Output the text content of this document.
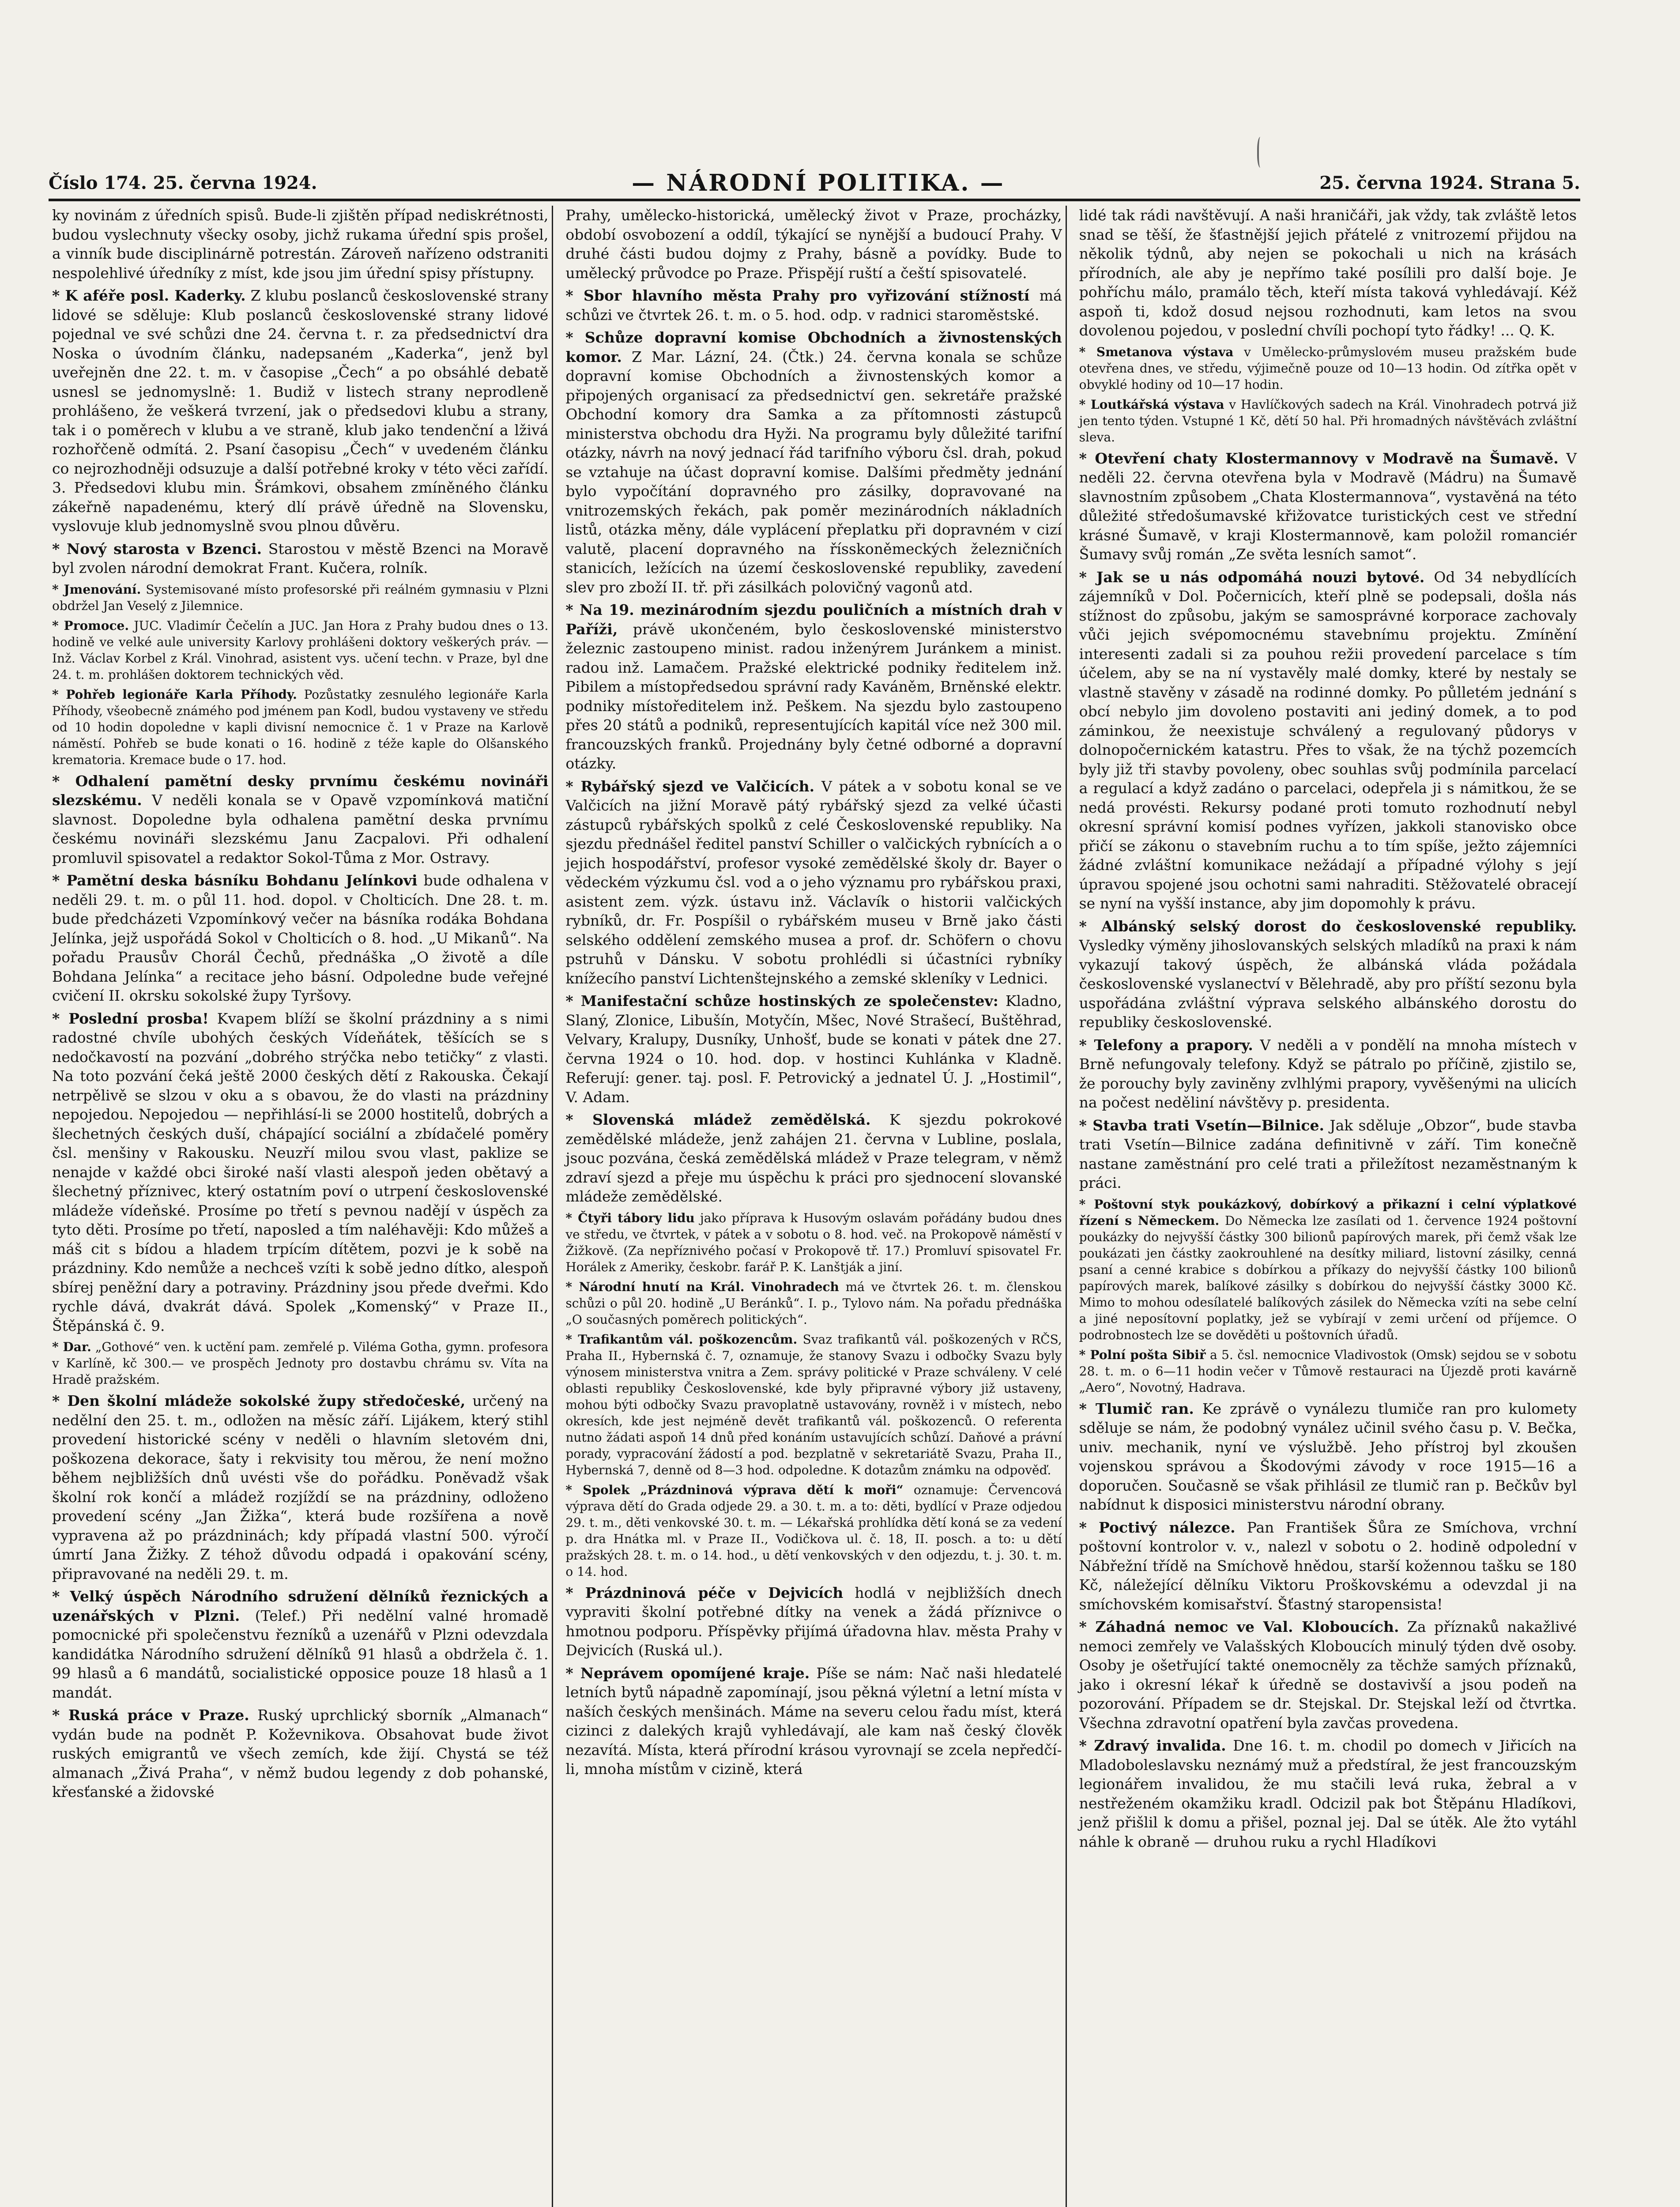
Číslo 174. 25. června 1924.	— NÁRODNÍ POLITIKA. —	25. června 1924. Strana 5.

ky novinám z úředních spisů. Bude-li zjištěn případ nediskrétnosti, budou vyslechnuty všecky osoby, jichž rukama úřední spis prošel, a vinník bude disciplinárně potrestán. Zároveň nařízeno odstraniti nespolehlivé úředníky z míst, kde jsou jim úřední spisy přístupny.

* K aféře posl. Kaderky. Z klubu poslanců československé strany lidové se sděluje: Klub poslanců československé strany lidové pojednal ve své schůzi dne 24. června t. r. za předsednictví dra Noska o úvodním článku, nadepsaném „Kaderka“, jenž byl uveřejněn dne 22. t. m. v časopise „Čech“ a po obsáhlé debatě usnesl se jednomyslně: 1. Budiž v listech strany neprodleně prohlášeno, že veškerá tvrzení, jak o předsedovi klubu a strany, tak i o poměrech v klubu a ve straně, klub jako tendenční a lživá rozhořčeně odmítá. 2. Psaní časopisu „Čech“ v uvedeném článku co nejrozhodněji odsuzuje a další potřebné kroky v této věci zařídí. 3. Předsedovi klubu min. Šrámkovi, obsahem zmíněného článku zákeřně napadenému, který dlí právě úředně na Slovensku, vyslovuje klub jednomyslně svou plnou důvěru.

* Nový starosta v Bzenci. Starostou v městě Bzenci na Moravě byl zvolen národní demokrat Frant. Kučera, rolník.

* Jmenování. Systemisované místo profesorské při reálném gymnasiu v Plzni obdržel Jan Veselý z Jilemnice.

* Promoce. JUC. Vladimír Čečelín a JUC. Jan Hora z Prahy budou dnes o 13. hodině ve velké aule university Karlovy prohlášeni doktory veškerých práv. — Inž. Václav Korbel z Král. Vinohrad, asistent vys. učení techn. v Praze, byl dne 24. t. m. prohlášen doktorem technických věd.

* Pohřeb legionáře Karla Příhody. Pozůstatky zesnulého legionáře Karla Příhody, všeobecně známého pod jménem pan Kodl, budou vystaveny ve středu od 10 hodin dopoledne v kapli divisní nemocnice č. 1 v Praze na Karlově náměstí. Pohřeb se bude konati o 16. hodině z téže kaple do Olšanského krematoria. Kremace bude o 17. hod.

* Odhalení pamětní desky prvnímu českému novináři slezskému. V neděli konala se v Opavě vzpomínková matiční slavnost. Dopoledne byla odhalena pamětní deska prvnímu českému novináři slezskému Janu Zacpalovi. Při odhalení promluvil spisovatel a redaktor Sokol-Tůma z Mor. Ostravy.

* Pamětní deska básníku Bohdanu Jelínkovi bude odhalena v neděli 29. t. m. o půl 11. hod. dopol. v Cholticích. Dne 28. t. m. bude předcházeti Vzpomínkový večer na básníka rodáka Bohdana Jelínka, jejž uspořádá Sokol v Cholticích o 8. hod. „U Mikanů“. Na pořadu Prausův Chorál Čechů, přednáška „O životě a díle Bohdana Jelínka“ a recitace jeho básní. Odpoledne bude veřejné cvičení II. okrsku sokolské župy Tyršovy.

* Poslední prosba! Kvapem blíží se školní prázdniny a s nimi radostné chvíle ubohých českých Vídeňátek, těšících se s nedočkavostí na pozvání „dobrého strýčka nebo tetičky“ z vlasti. Na toto pozvání čeká ještě 2000 českých dětí z Rakouska. Čekají netrpělivě se slzou v oku a s obavou, že do vlasti na prázdniny nepojedou. Nepojedou — nepřihlásí-li se 2000 hostitelů, dobrých a šlechetných českých duší, chápající sociální a zbídačelé poměry čsl. menšiny v Rakousku. Neuzří milou svou vlast, paklize se nenajde v každé obci široké naší vlasti alespoň jeden obětavý a šlechetný příznivec, který ostatním poví o utrpení československé mládeže vídeňské. Prosíme po třetí s pevnou nadějí v úspěch za tyto děti. Prosíme po třetí, naposled a tím naléhavěji: Kdo můžeš a máš cit s bídou a hladem trpícím dítětem, pozvi je k sobě na prázdniny. Kdo nemůže a nechceš vzíti k sobě jedno dítko, alespoň sbírej peněžní dary a potraviny. Prázdniny jsou přede dveřmi. Kdo rychle dává, dvakrát dává. Spolek „Komenský“ v Praze II., Štěpánská č. 9.

* Dar. „Gothové“ ven. k uctění pam. zemřelé p. Viléma Gotha, gymn. profesora v Karlíně, kč 300.— ve prospěch Jednoty pro dostavbu chrámu sv. Víta na Hradě pražském.

* Den školní mládeže sokolské župy středočeské, určený na nedělní den 25. t. m., odložen na měsíc září. Lijákem, který stihl provedení historické scény v neděli o hlavním sletovém dni, poškozena dekorace, šaty i rekvisity tou měrou, že není možno během nejbližších dnů uvésti vše do pořádku. Poněvadž však školní rok končí a mládež rozjíždí se na prázdniny, odloženo provedení scény „Jan Žižka“, která bude rozšířena a nově vypravena až po prázdninách; kdy případá vlastní 500. výročí úmrtí Jana Žižky. Z téhož důvodu odpadá i opakování scény, připravované na neděli 29. t. m.

* Velký úspěch Národního sdružení dělníků řeznických a uzenářských v Plzni. (Telef.) Při nedělní valné hromadě pomocnické při společenstvu řezníků a uzenářů v Plzni odevzdala kandidátka Národního sdružení dělníků 91 hlasů a obdržela č. 1. 99 hlasů a 6 mandátů, socialistické opposice pouze 18 hlasů a 1 mandát.

* Ruská práce v Praze. Ruský uprchlický sborník „Almanach“ vydán bude na podnět P. Koževnikova. Obsahovat bude život ruských emigrantů ve všech zemích, kde žijí. Chystá se též almanach „Živá Praha“, v němž budou legendy z dob pohanské, křesťanské a židovské

Prahy, umělecko-historická, umělecký život v Praze, procházky, období osvobození a oddíl, týkající se nynější a budoucí Prahy. V druhé části budou dojmy z Prahy, básně a povídky. Bude to umělecký průvodce po Praze. Přispějí ruští a čeští spisovatelé.

* Sbor hlavního města Prahy pro vyřizování stížností má schůzi ve čtvrtek 26. t. m. o 5. hod. odp. v radnici staroměstské.

* Schůze dopravní komise Obchodních a živnostenských komor. Z Mar. Lázní, 24. (Čtk.) 24. června konala se schůze dopravní komise Obchodních a živnostenských komor a připojených organisací za předsednictví gen. sekretáře pražské Obchodní komory dra Samka a za přítomnosti zástupců ministerstva obchodu dra Hyži. Na programu byly důležité tarifní otázky, návrh na nový jednací řád tarifního výboru čsl. drah, pokud se vztahuje na účast dopravní komise. Dalšími předměty jednání bylo vypočítání dopravného pro zásilky, dopravované na vnitrozemských řekách, pak poměr mezinárodních nákladních listů, otázka měny, dále vyplácení přeplatku při dopravném v cizí valutě, placení dopravného na řísskoněmeckých železničních stanicích, ležících na území československé republiky, zavedení slev pro zboží II. tř. při zásilkách polovičný vagonů atd.

* Na 19. mezinárodním sjezdu pouličních a místních drah v Paříži, právě ukončeném, bylo československé ministerstvo železnic zastoupeno minist. radou inženýrem Juránkem a minist. radou inž. Lamačem. Pražské elektrické podniky ředitelem inž. Pibilem a místopředsedou správní rady Kaváněm, Brněnské elektr. podniky místoředitelem inž. Peškem. Na sjezdu bylo zastoupeno přes 20 států a podniků, representujících kapitál více než 300 mil. francouzských franků. Projednány byly četné odborné a dopravní otázky.

* Rybářský sjezd ve Valčicích. V pátek a v sobotu konal se ve Valčicích na jižní Moravě pátý rybářský sjezd za velké účasti zástupců rybářských spolků z celé Československé republiky. Na sjezdu přednášel ředitel panství Schiller o valčických rybnících a o jejich hospodářství, profesor vysoké zemědělské školy dr. Bayer o vědeckém výzkumu čsl. vod a o jeho významu pro rybářskou praxi, asistent zem. výzk. ústavu inž. Václavík o historii valčických rybníků, dr. Fr. Pospíšil o rybářském museu v Brně jako části selského oddělení zemského musea a prof. dr. Schöfern o chovu pstruhů v Dánsku. V sobotu prohlédli si účastníci rybníky knížecího panství Lichtenštejnského a zemské skleníky v Lednici.

* Manifestační schůze hostinských ze společenstev: Kladno, Slaný, Zlonice, Libušín, Motyčín, Mšec, Nové Strašecí, Buštěhrad, Velvary, Kralupy, Dusníky, Unhošť, bude se konati v pátek dne 27. června 1924 o 10. hod. dop. v hostinci Kuhlánka v Kladně. Referují: gener. taj. posl. F. Petrovický a jednatel Ú. J. „Hostimil“, V. Adam.

* Slovenská mládež zemědělská. K sjezdu pokrokové zemědělské mládeže, jenž zahájen 21. června v Lubline, poslala, jsouc pozvána, česká zemědělská mládež v Praze telegram, v němž zdraví sjezd a přeje mu úspěchu k práci pro sjednocení slovanské mládeže zemědělské.

* Čtyři tábory lidu jako příprava k Husovým oslavám pořádány budou dnes ve středu, ve čtvrtek, v pátek a v sobotu o 8. hod. več. na Prokopově náměstí v Žižkově. (Za nepříznivého počasí v Prokopově tř. 17.) Promluví spisovatel Fr. Horálek z Ameriky, českobr. farář P. K. Lanštják a jiní.

* Národní hnutí na Král. Vinohradech má ve čtvrtek 26. t. m. členskou schůzi o půl 20. hodině „U Beránků“. I. p., Tylovo nám. Na pořadu přednáška „O současných poměrech politických“.

* Trafikantům vál. poškozencům. Svaz trafikantů vál. poškozených v RČS, Praha II., Hybernská č. 7, oznamuje, že stanovy Svazu i odbočky Svazu byly výnosem ministerstva vnitra a Zem. správy politické v Praze schváleny. V celé oblasti republiky Československé, kde byly připravné výbory již ustaveny, mohou býti odbočky Svazu pravoplatně ustavovány, rovněž i v místech, nebo okresích, kde jest nejméně devět trafikantů vál. poškozenců. O referenta nutno žádati aspoň 14 dnů před konáním ustavujících schůzí. Daňové a právní porady, vypracování žádostí a pod. bezplatně v sekretariátě Svazu, Praha II., Hybernská 7, denně od 8—3 hod. odpoledne. K dotazům známku na odpověď.

* Spolek „Prázdninová výprava dětí k moři“ oznamuje: Červencová výprava dětí do Grada odjede 29. a 30. t. m. a to: děti, bydlící v Praze odjedou 29. t. m., děti venkovské 30. t. m. — Lékařská prohlídka dětí koná se za vedení p. dra Hnátka ml. v Praze II., Vodičkova ul. č. 18, II. posch. a to: u dětí pražských 28. t. m. o 14. hod., u dětí venkovských v den odjezdu, t. j. 30. t. m. o 14. hod.

* Prázdninová péče v Dejvicích hodlá v nejbližších dnech vypraviti školní potřebné dítky na venek a žádá příznivce o hmotnou podporu. Příspěvky přijímá úřadovna hlav. města Prahy v Dejvicích (Ruská ul.).

* Neprávem opomíjené kraje. Píše se nám: Nač naši hledatelé letních bytů nápadně zapomínají, jsou pěkná výletní a letní místa v naších českých menšinách. Máme na severu celou řadu míst, která cizinci z dalekých krajů vyhledávají, ale kam naš český člověk nezavítá. Místa, která přírodní krásou vyrovnají se zcela nepředčí-li, mnoha místům v cizině, která

lidé tak rádi navštěvují. A naši hraničáři, jak vždy, tak zvláště letos snad se těší, že šťastnější jejich přátelé z vnitrozemí přijdou na několik týdnů, aby nejen se pokochali u nich na krásách přírodních, ale aby je nepřímo také posílili pro další boje. Je pohříchu málo, pramálo těch, kteří místa taková vyhledávají. Kéž aspoň ti, kdož dosud nejsou rozhodnuti, kam letos na svou dovolenou pojedou, v poslední chvíli pochopí tyto řádky! ... Q. K.

* Smetanova výstava v Umělecko-průmyslovém museu pražském bude otevřena dnes, ve středu, výjimečně pouze od 10—13 hodin. Od zítřka opět v obvyklé hodiny od 10—17 hodin.

* Loutkářská výstava v Havlíčkových sadech na Král. Vinohradech potrvá již jen tento týden. Vstupné 1 Kč, dětí 50 hal. Při hromadných návštěvách zvláštní sleva.

* Otevření chaty Klostermannovy v Modravě na Šumavě. V neděli 22. června otevřena byla v Modravě (Mádru) na Šumavě slavnostním způsobem „Chata Klostermannova“, vystavěná na této důležité středošumavské křižovatce turistických cest ve střední krásné Šumavě, v kraji Klostermannově, kam položil romanciér Šumavy svůj román „Ze světa lesních samot“.

* Jak se u nás odpomáhá nouzi bytové. Od 34 nebydlících zájemníků v Dol. Počernicích, kteří plně se podepsali, došla nás stížnost do způsobu, jakým se samosprávné korporace zachovaly vůči jejich svépomocnému stavebnímu projektu. Zmínění interesenti zadali si za pouhou režii provedení parcelace s tím účelem, aby se na ní vystavěly malé domky, které by nestaly se vlastně stavěny v zásadě na rodinné domky. Po půlletém jednání s obcí nebylo jim dovoleno postaviti ani jediný domek, a to pod záminkou, že neexistuje schválený a regulovaný půdorys v dolnopočernickém katastru. Přes to však, že na týchž pozemcích byly již tři stavby povoleny, obec souhlas svůj podmínila parcelací a regulací a když zadáno o parcelaci, odepřela ji s námitkou, že se nedá provésti. Rekursy podané proti tomuto rozhodnutí nebyl okresní správní komisí podnes vyřízen, jakkoli stanovisko obce přičí se zákonu o stavebním ruchu a to tím spíše, ježto zájemníci žádné zvláštní komunikace nežádají a případné výlohy s její úpravou spojené jsou ochotni sami nahraditi. Stěžovatelé obracejí se nyní na vyšší instance, aby jim dopomohly k právu.

* Albánský selský dorost do československé republiky. Vysledky výměny jihoslovanských selských mladíků na praxi k nám vykazují takový úspěch, že albánská vláda požádala československé vyslanectví v Bělehradě, aby pro příští sezonu byla uspořádána zvláštní výprava selského albánského dorostu do republiky československé.

* Telefony a prapory. V neděli a v pondělí na mnoha místech v Brně nefungovaly telefony. Když se pátralo po příčině, zjistilo se, že porouchy byly zaviněny zvlhlými prapory, vyvěšenými na ulicích na počest neděliní návštěvy p. presidenta.

* Stavba trati Vsetín—Bilnice. Jak sděluje „Obzor“, bude stavba trati Vsetín—Bilnice zadána definitivně v září. Tim konečně nastane zaměstnání pro celé trati a přiležítost nezaměstnaným k práci.

* Poštovní styk poukázkový, dobírkový a přikazní i celní výplatkové řízení s Německem. Do Německa lze zasílati od 1. července 1924 poštovní poukázky do nejvyšší částky 300 bilionů papírových marek, při čemž však lze poukázati jen částky zaokrouhlené na desítky miliard, listovní zásilky, cenná psaní a cenné krabice s dobírkou a příkazy do nejvyšší částky 100 bilionů papírových marek, balíkové zásilky s dobírkou do nejvyšší částky 3000 Kč. Mimo to mohou odesílatelé balíkových zásilek do Německa vzíti na sebe celní a jiné neposítovní poplatky, jež se vybírají v zemi určení od příjemce. O podrobnostech lze se dověděti u poštovních úřadů.

* Polní pošta Sibiř a 5. čsl. nemocnice Vladivostok (Omsk) sejdou se v sobotu 28. t. m. o 6—11 hodin večer v Tůmově restauraci na Újezdě proti kavárně „Aero“, Novotný, Hadrava.

* Tlumič ran. Ke zprávě o vynálezu tlumiče ran pro kulomety sděluje se nám, že podobný vynález učinil svého času p. V. Bečka, univ. mechanik, nyní ve výslužbě. Jeho přístroj byl zkoušen vojenskou správou a Škodovými závody v roce 1915—16 a doporučen. Současně se však přihlásil ze tlumič ran p. Bečkův byl nabídnut k disposici ministerstvu národní obrany.

* Poctivý nálezce. Pan František Šůra ze Smíchova, vrchní poštovní kontrolor v. v., nalezl v sobotu o 2. hodině odpolední v Nábřežní třídě na Smíchově hnědou, starší kožennou tašku se 180 Kč, náležející dělníku Viktoru Proškovskému a odevzdal ji na smíchovském komisařství. Šťastný staropensista!

* Záhadná nemoc ve Val. Kloboucích. Za příznaků nakažlivé nemoci zemřely ve Valašských Kloboucích minulý týden dvě osoby. Osoby je ošetřující takté onemocněly za těchže samých příznaků, jako i okresní lékař k úředně se dostavivší a jsou podeň na pozorování. Případem se dr. Stejskal. Dr. Stejskal leží od čtvrtka. Všechna zdravotní opatření byla zavčas provedena.

* Zdravý invalida. Dne 16. t. m. chodil po domech v Jiřicích na Mladoboleslavsku neznámý muž a předstíral, že jest francouzským legionářem invalidou, že mu stačili levá ruka, žebral a v nestřeženém okamžiku kradl. Odcizil pak bot Štěpánu Hladíkovi, jenž přišlil k domu a přišel, poznal jej. Dal se útěk. Ale žto vytáhl náhle k obraně — druhou ruku a rychl Hladíkovi
